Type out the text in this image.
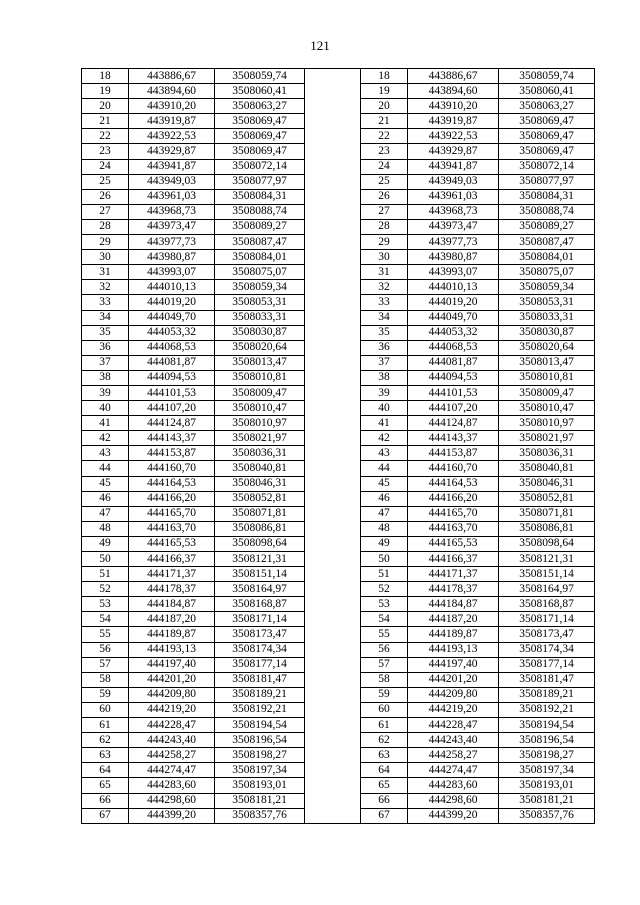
121
18	443886,67	3508059,74		18	443886,67	3508059,74
19	443894,60	3508060,41		19	443894,60	3508060,41
20	443910,20	3508063,27		20	443910,20	3508063,27
21	443919,87	3508069,47		21	443919,87	3508069,47
22	443922,53	3508069,47		22	443922,53	3508069,47
23	443929,87	3508069,47		23	443929,87	3508069,47
24	443941,87	3508072,14		24	443941,87	3508072,14
25	443949,03	3508077,97		25	443949,03	3508077,97
26	443961,03	3508084,31		26	443961,03	3508084,31
27	443968,73	3508088,74		27	443968,73	3508088,74
28	443973,47	3508089,27		28	443973,47	3508089,27
29	443977,73	3508087,47		29	443977,73	3508087,47
30	443980,87	3508084,01		30	443980,87	3508084,01
31	443993,07	3508075,07		31	443993,07	3508075,07
32	444010,13	3508059,34		32	444010,13	3508059,34
33	444019,20	3508053,31		33	444019,20	3508053,31
34	444049,70	3508033,31		34	444049,70	3508033,31
35	444053,32	3508030,87		35	444053,32	3508030,87
36	444068,53	3508020,64		36	444068,53	3508020,64
37	444081,87	3508013,47		37	444081,87	3508013,47
38	444094,53	3508010,81		38	444094,53	3508010,81
39	444101,53	3508009,47		39	444101,53	3508009,47
40	444107,20	3508010,47		40	444107,20	3508010,47
41	444124,87	3508010,97		41	444124,87	3508010,97
42	444143,37	3508021,97		42	444143,37	3508021,97
43	444153,87	3508036,31		43	444153,87	3508036,31
44	444160,70	3508040,81		44	444160,70	3508040,81
45	444164,53	3508046,31		45	444164,53	3508046,31
46	444166,20	3508052,81		46	444166,20	3508052,81
47	444165,70	3508071,81		47	444165,70	3508071,81
48	444163,70	3508086,81		48	444163,70	3508086,81
49	444165,53	3508098,64		49	444165,53	3508098,64
50	444166,37	3508121,31		50	444166,37	3508121,31
51	444171,37	3508151,14		51	444171,37	3508151,14
52	444178,37	3508164,97		52	444178,37	3508164,97
53	444184,87	3508168,87		53	444184,87	3508168,87
54	444187,20	3508171,14		54	444187,20	3508171,14
55	444189,87	3508173,47		55	444189,87	3508173,47
56	444193,13	3508174,34		56	444193,13	3508174,34
57	444197,40	3508177,14		57	444197,40	3508177,14
58	444201,20	3508181,47		58	444201,20	3508181,47
59	444209,80	3508189,21		59	444209,80	3508189,21
60	444219,20	3508192,21		60	444219,20	3508192,21
61	444228,47	3508194,54		61	444228,47	3508194,54
62	444243,40	3508196,54		62	444243,40	3508196,54
63	444258,27	3508198,27		63	444258,27	3508198,27
64	444274,47	3508197,34		64	444274,47	3508197,34
65	444283,60	3508193,01		65	444283,60	3508193,01
66	444298,60	3508181,21		66	444298,60	3508181,21
67	444399,20	3508357,76		67	444399,20	3508357,76
